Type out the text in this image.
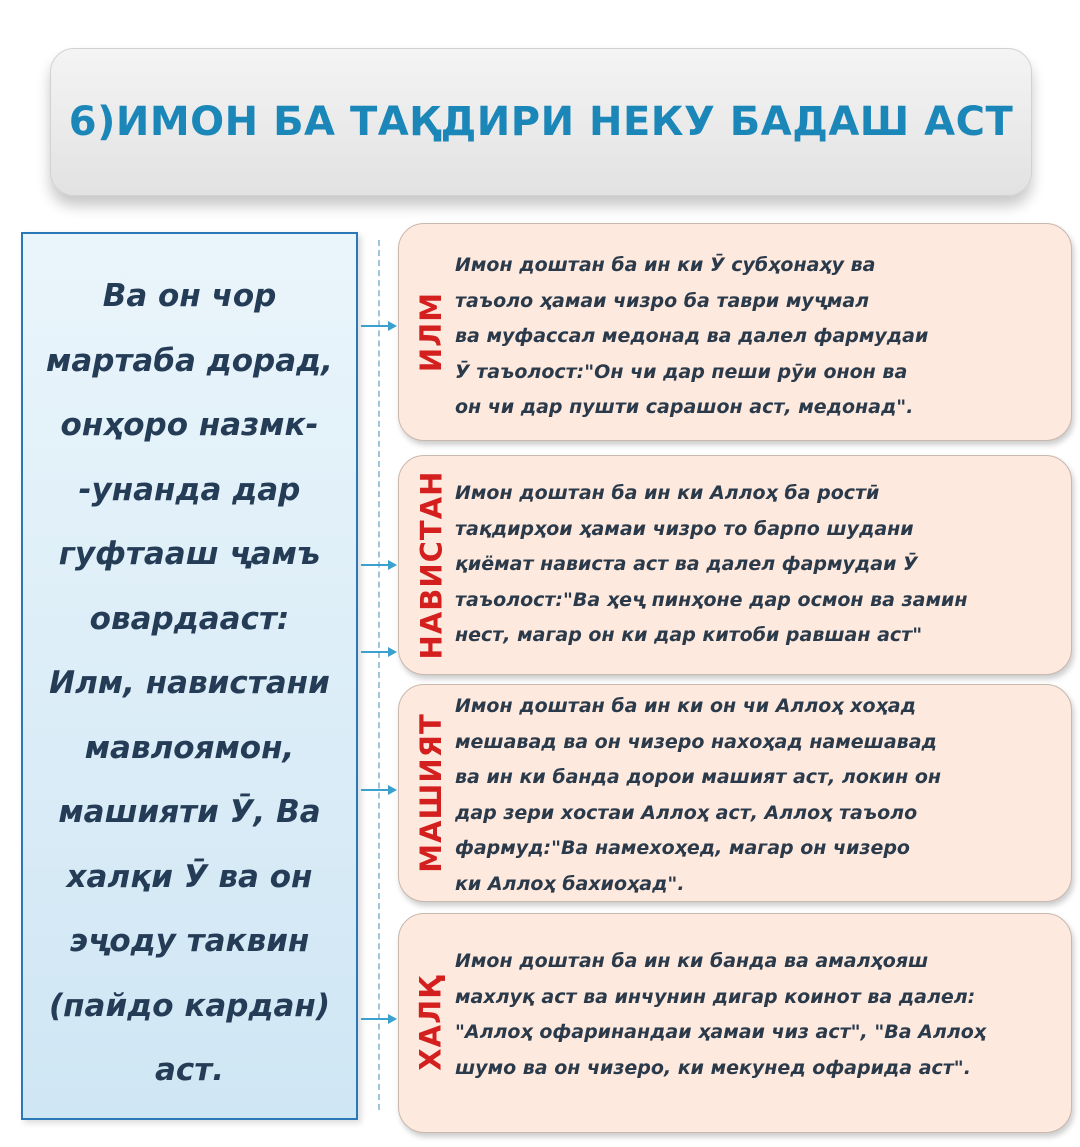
6)ИМОН БА ТАҚДИРИ НЕКУ БАДАШ АСТ

Ва он чор
мартаба дорад,
онҳоро назмк-
-унанда дар
гуфтааш ҷамъ
овардааст:
Илм, навистани
мавлоямон,
машияти Ӯ, Ва
халқи Ӯ ва он
эҷоду таквин
(пайдо кардан)
аст.

ИЛМ
Имон доштан ба ин ки Ӯ субҳонаҳу ва
таъоло ҳамаи чизро ба таври муҷмал
ва муфассал медонад ва далел фармудаи
Ӯ таъолост:"Он чи дар пеши рӯи онон ва
он чи дар пушти сарашон аст, медонад".
НАВИСТАН Имон доштан ба ин ки Аллоҳ ба ростӣ
тақдирҳои ҳамаи чизро то барпо шудани
қиёмат нависта аст ва далел фармудаи Ӯ
таъолост:"Ва ҳеҷ пинҳоне дар осмон ва замин
нест, магар он ки дар китоби равшан аст"
МАШИЯТ
Имон доштан ба ин ки он чи Аллоҳ хоҳад
мешавад ва он чизеро нахоҳад намешавад
ва ин ки банда дорои машият аст, локин он
дар зери хостаи Аллоҳ аст, Аллоҳ таъоло
фармуд:"Ва намехоҳед, магар он чизеро
ки Аллоҳ бахиоҳад".
ХАЛҚ
Имон доштан ба ин ки банда ва амалҳояш
махлуқ аст ва инчунин дигар коинот ва далел:
"Аллоҳ офаринандаи ҳамаи чиз аст", "Ва Аллоҳ
шумо ва он чизеро, ки мекунед офарида аст".
